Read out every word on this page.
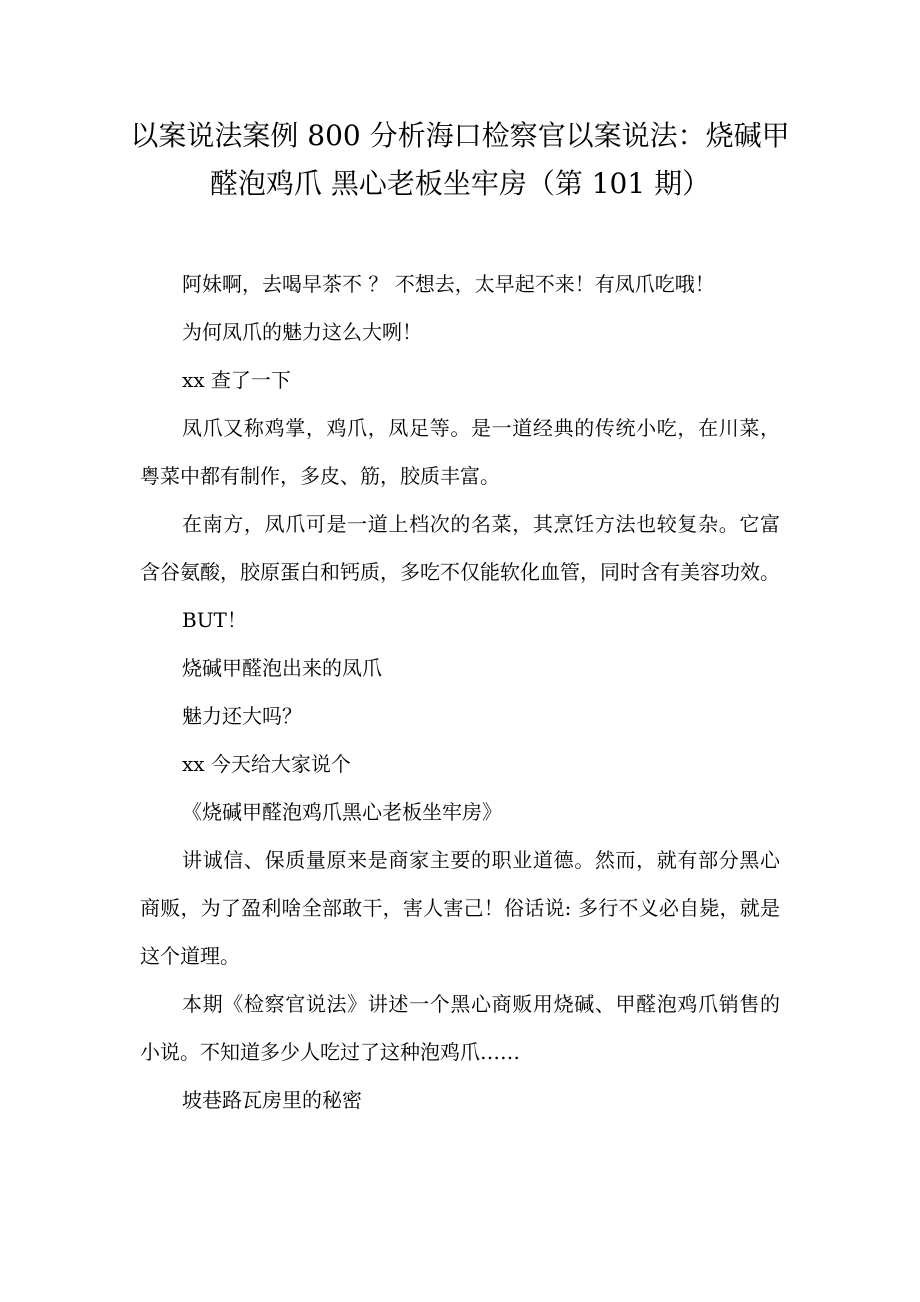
以案说法案例 800 分析海口检察官以案说法：烧碱甲
醛泡鸡爪 黑心老板坐牢房（第 101 期）

阿妹啊，去喝早茶不 ？ 不想去，太早起不来！有凤爪吃哦！

为何凤爪的魅力这么大咧！

xx 查了一下

凤爪又称鸡掌，鸡爪，凤足等。是一道经典的传统小吃，在川菜，粤菜中都有制作，多皮、筋，胶质丰富。

在南方，凤爪可是一道上档次的名菜，其烹饪方法也较复杂。它富含谷氨酸，胶原蛋白和钙质，多吃不仅能软化血管，同时含有美容功效。

BUT！

烧碱甲醛泡出来的凤爪

魅力还大吗？

xx 今天给大家说个

《烧碱甲醛泡鸡爪黑心老板坐牢房》

讲诚信、保质量原来是商家主要的职业道德。然而，就有部分黑心商贩，为了盈利啥全部敢干，害人害己！俗话说: 多行不义必自毙，就是这个道理。

本期《检察官说法》讲述一个黑心商贩用烧碱、甲醛泡鸡爪销售的小说。不知道多少人吃过了这种泡鸡爪……

坡巷路瓦房里的秘密
